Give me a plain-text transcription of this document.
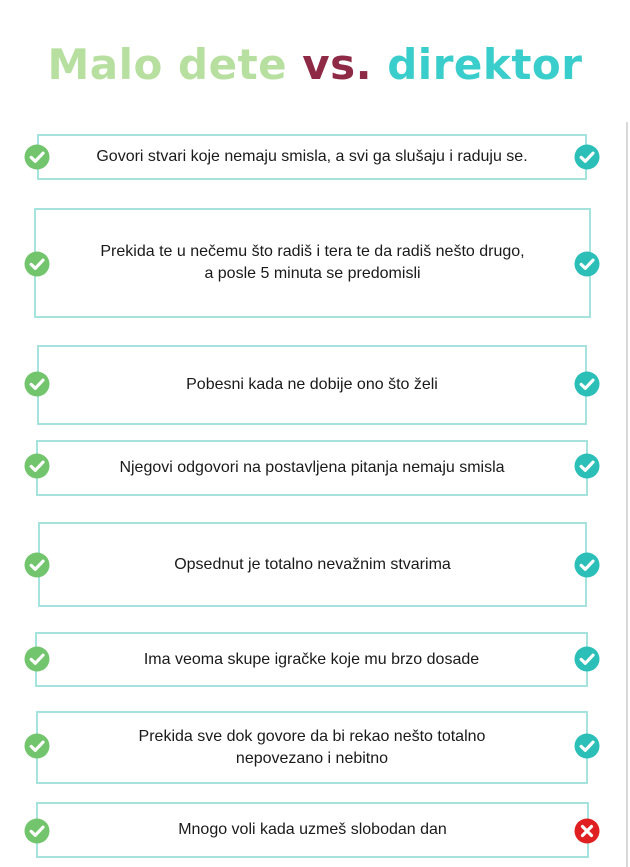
Malo dete vs. direktor
Govori stvari koje nemaju smisla, a svi ga slušaju i raduju se.
Prekida te u nečemu što radiš i tera te da radiš nešto drugo,
a posle 5 minuta se predomisli
Pobesni kada ne dobije ono što želi
Njegovi odgovori na postavljena pitanja nemaju smisla
Opsednut je totalno nevažnim stvarima
Ima veoma skupe igračke koje mu brzo dosade
Prekida sve dok govore da bi rekao nešto totalno
nepovezano i nebitno
Mnogo voli kada uzmeš slobodan dan
